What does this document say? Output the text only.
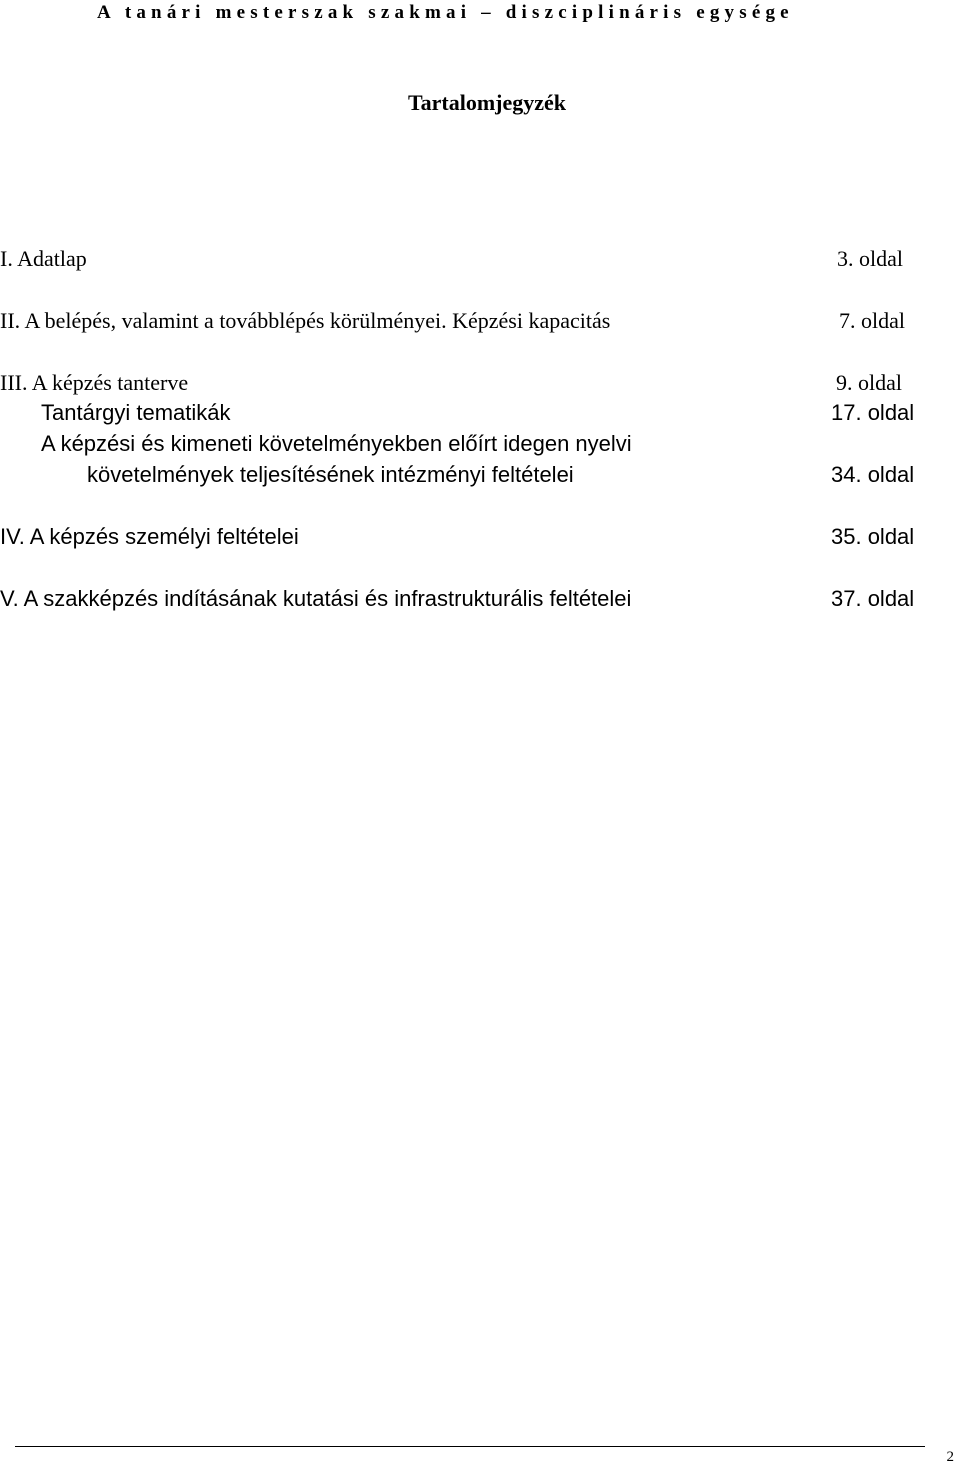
A tanári mesterszak szakmai – diszciplináris egysége
Tartalomjegyzék
I. Adatlap	3. oldal
II. A belépés, valamint a továbblépés körülményei. Képzési kapacitás	7. oldal
III. A képzés tanterve	9. oldal
Tantárgyi tematikák	17. oldal
A képzési és kimeneti követelményekben előírt idegen nyelvi
követelmények teljesítésének intézményi feltételei	34. oldal
IV. A képzés személyi feltételei	35. oldal
V. A szakképzés indításának kutatási és infrastrukturális feltételei	37. oldal
2
